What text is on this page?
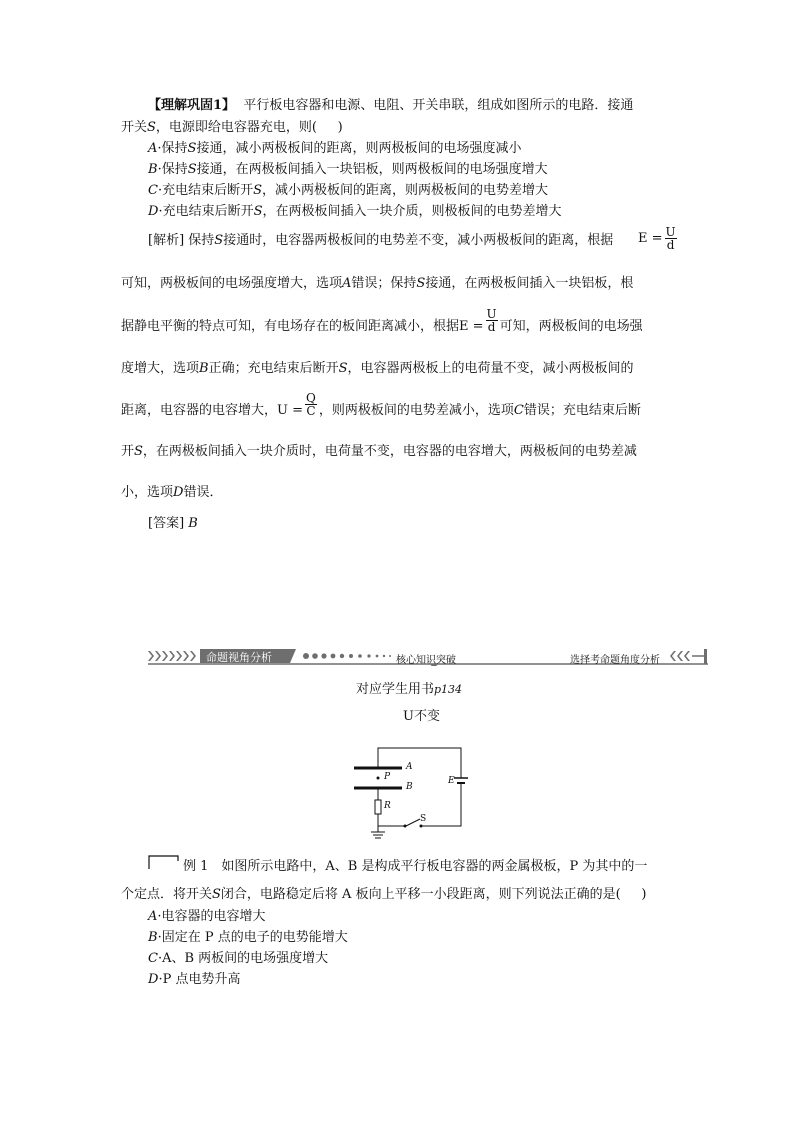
【理解巩固1】 平行板电容器和电源、电阻、开关串联，组成如图所示的电路．接通
开关S，电源即给电容器充电，则( )
A·保持S接通，减小两极板间的距离，则两极板间的电场强度减小
B·保持S接通，在两极板间插入一块铝板，则两极板间的电场强度增大
C·充电结束后断开S，减小两极板间的距离，则两极板间的电势差增大
D·充电结束后断开S，在两极板间插入一块介质，则极板间的电势差增大
[解析] 保持S接通时，电容器两极板间的电势差不变，减小两极板间的距离，根据 $E = \frac{U}{d}$
可知，两极板间的电场强度增大，选项A错误；保持S接通，在两极板间插入一块铝板，根
据静电平衡的特点可知，有电场存在的板间距离减小，根据$E = \frac{U}{d}$ 可知，两极板间的电场强
度增大，选项B正确；充电结束后断开S，电容器两极板上的电荷量不变，减小两极板间的
距离，电容器的电容增大，$U = \frac{Q}{C}$ ，则两极板间的电势差减小，选项C错误；充电结束后断
开S，在两极板间插入一块介质时，电荷量不变，电容器的电容增大，两极板间的电势差减
小，选项D错误．
[答案] B
命题视角分析	核心知识突破	选择考命题角度分析
对应学生用书p134
U不变
A
P
B
R
E
S
例 1　如图所示电路中，A、B 是构成平行板电容器的两金属极板，P 为其中的一
个定点．将开关S闭合，电路稳定后将 A 板向上平移一小段距离，则下列说法正确的是( )
A·电容器的电容增大
B·固定在 P 点的电子的电势能增大
C·A、B 两板间的电场强度增大
D·P 点电势升高
